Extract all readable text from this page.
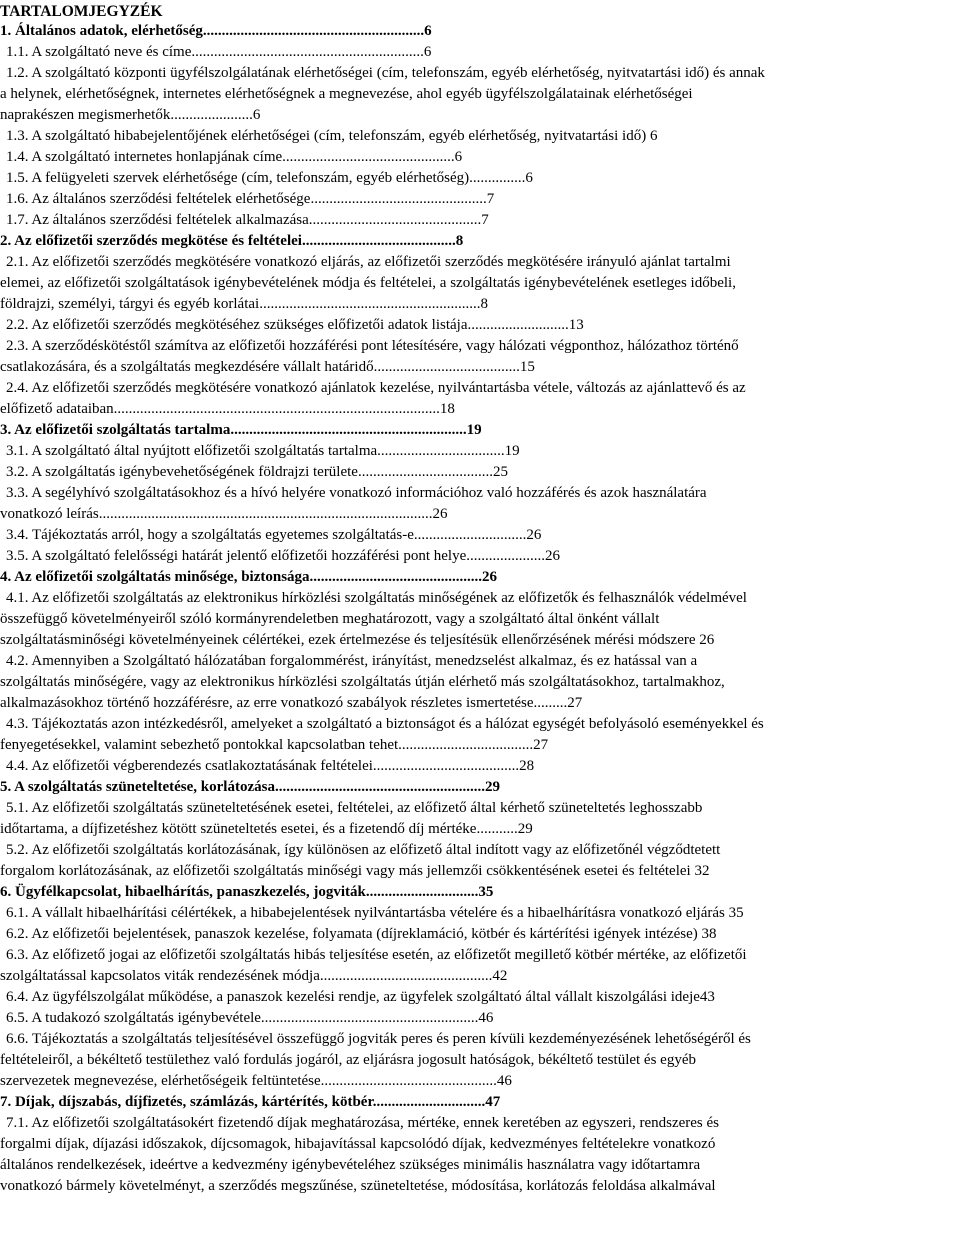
TARTALOMJEGYZÉK
1. Általános adatok, elérhetőség...........................................................6
1.1. A szolgáltató neve és címe..............................................................6
1.2. A szolgáltató központi ügyfélszolgálatának elérhetőségei (cím, telefonszám, egyéb elérhetőség, nyitvatartási idő) és annak
a helynek, elérhetőségnek, internetes elérhetőségnek a megnevezése, ahol egyéb ügyfélszolgálatainak elérhetőségei
naprakészen megismerhetők......................6
1.3. A szolgáltató hibabejelentőjének elérhetőségei (cím, telefonszám, egyéb elérhetőség, nyitvatartási idő) 6
1.4. A szolgáltató internetes honlapjának címe..............................................6
1.5. A felügyeleti szervek elérhetősége (cím, telefonszám, egyéb elérhetőség)...............6
1.6. Az általános szerződési feltételek elérhetősége...............................................7
1.7. Az általános szerződési feltételek alkalmazása..............................................7
2. Az előfizetői szerződés megkötése és feltételei.........................................8
2.1. Az előfizetői szerződés megkötésére vonatkozó eljárás, az előfizetői szerződés megkötésére irányuló ajánlat tartalmi
elemei, az előfizetői szolgáltatások igénybevételének módja és feltételei, a szolgáltatás igénybevételének esetleges időbeli,
földrajzi, személyi, tárgyi és egyéb korlátai...........................................................8
2.2. Az előfizetői szerződés megkötéséhez szükséges előfizetői adatok listája...........................13
2.3. A szerződéskötéstől számítva az előfizetői hozzáférési pont létesítésére, vagy hálózati végponthoz, hálózathoz történő
csatlakozására, és a szolgáltatás megkezdésére vállalt határidő.......................................15
2.4. Az előfizetői szerződés megkötésére vonatkozó ajánlatok kezelése, nyilvántartásba vétele, változás az ajánlattevő és az
előfizető adataiban.......................................................................................18
3. Az előfizetői szolgáltatás tartalma...............................................................19
3.1. A szolgáltató által nyújtott előfizetői szolgáltatás tartalma..................................19
3.2. A szolgáltatás igénybevehetőségének földrajzi területe....................................25
3.3. A segélyhívó szolgáltatásokhoz és a hívó helyére vonatkozó információhoz való hozzáférés és azok használatára
vonatkozó leírás.........................................................................................26
3.4. Tájékoztatás arról, hogy a szolgáltatás egyetemes szolgáltatás-e..............................26
3.5. A szolgáltató felelősségi határát jelentő előfizetői hozzáférési pont helye.....................26
4. Az előfizetői szolgáltatás minősége, biztonsága..............................................26
4.1. Az előfizetői szolgáltatás az elektronikus hírközlési szolgáltatás minőségének az előfizetők és felhasználók védelmével
összefüggő követelményeiről szóló kormányrendeletben meghatározott, vagy a szolgáltató által önként vállalt
szolgáltatásminőségi követelményeinek célértékei, ezek értelmezése és teljesítésük ellenőrzésének mérési módszere 26
4.2. Amennyiben a Szolgáltató hálózatában forgalommérést, irányítást, menedzselést alkalmaz, és ez hatással van a
szolgáltatás minőségére, vagy az elektronikus hírközlési szolgáltatás útján elérhető más szolgáltatásokhoz, tartalmakhoz,
alkalmazásokhoz történő hozzáférésre, az erre vonatkozó szabályok részletes ismertetése.........27
4.3. Tájékoztatás azon intézkedésről, amelyeket a szolgáltató a biztonságot és a hálózat egységét befolyásoló eseményekkel és
fenyegetésekkel, valamint sebezhető pontokkal kapcsolatban tehet....................................27
4.4. Az előfizetői végberendezés csatlakoztatásának feltételei.......................................28
5. A szolgáltatás szüneteltetése, korlátozása........................................................29
5.1. Az előfizetői szolgáltatás szüneteltetésének esetei, feltételei, az előfizető által kérhető szüneteltetés leghosszabb
időtartama, a díjfizetéshez kötött szüneteltetés esetei, és a fizetendő díj mértéke...........29
5.2. Az előfizetői szolgáltatás korlátozásának, így különösen az előfizető által indított vagy az előfizetőnél végződtetett
forgalom korlátozásának, az előfizetői szolgáltatás minőségi vagy más jellemzői csökkentésének esetei és feltételei 32
6. Ügyfélkapcsolat, hibaelhárítás, panaszkezelés, jogviták..............................35
6.1. A vállalt hibaelhárítási célértékek, a hibabejelentések nyilvántartásba vételére és a hibaelhárításra vonatkozó eljárás 35
6.2. Az előfizetői bejelentések, panaszok kezelése, folyamata (díjreklamáció, kötbér és kártérítési igények intézése) 38
6.3. Az előfizető jogai az előfizetői szolgáltatás hibás teljesítése esetén, az előfizetőt megillető kötbér mértéke, az előfizetői
szolgáltatással kapcsolatos viták rendezésének módja..............................................42
6.4. Az ügyfélszolgálat működése, a panaszok kezelési rendje, az ügyfelek szolgáltató által vállalt kiszolgálási ideje43
6.5. A tudakozó szolgáltatás igénybevétele..........................................................46
6.6. Tájékoztatás a szolgáltatás teljesítésével összefüggő jogviták peres és peren kívüli kezdeményezésének lehetőségéről és
feltételeiről, a békéltető testülethez való fordulás jogáról, az eljárásra jogosult hatóságok, békéltető testület és egyéb
szervezetek megnevezése, elérhetőségeik feltüntetése...............................................46
7. Díjak, díjszabás, díjfizetés, számlázás, kártérítés, kötbér..............................47
7.1. Az előfizetői szolgáltatásokért fizetendő díjak meghatározása, mértéke, ennek keretében az egyszeri, rendszeres és
forgalmi díjak, díjazási időszakok, díjcsomagok, hibajavítással kapcsolódó díjak, kedvezményes feltételekre vonatkozó
általános rendelkezések, ideértve a kedvezmény igénybevételéhez szükséges minimális használatra vagy időtartamra
vonatkozó bármely követelményt, a szerződés megszűnése, szüneteltetése, módosítása, korlátozás feloldása alkalmával
